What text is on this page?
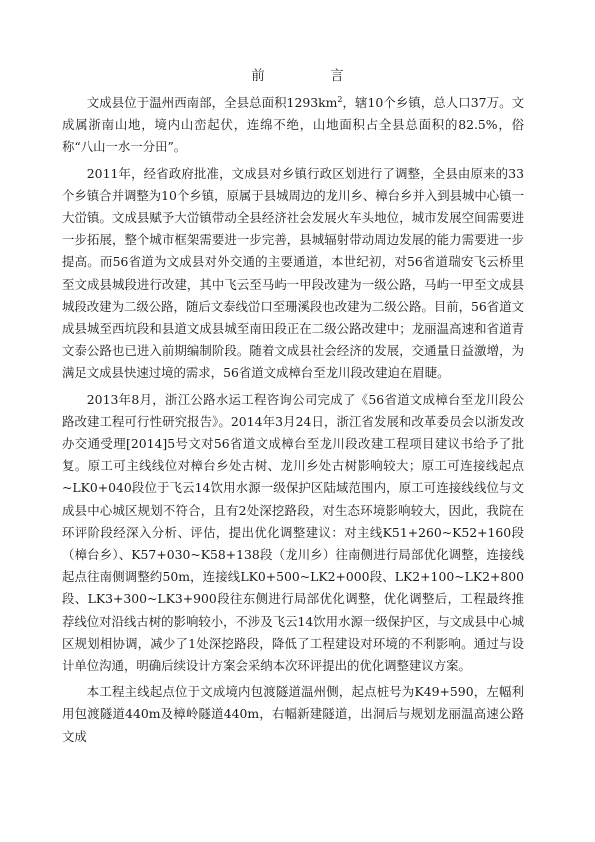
前　言

文成县位于温州西南部，全县总面积$1293km^2$，辖10个乡镇，总人口37万。文成属浙南山地，境内山峦起伏，连绵不绝，山地面积占全县总面积的82.5%，俗称“八山一水一分田”。

2011年，经省政府批准，文成县对乡镇行政区划进行了调整，全县由原来的33个乡镇合并调整为10个乡镇，原属于县城周边的龙川乡、樟台乡并入到县城中心镇一大峃镇。文成县赋予大峃镇带动全县经济社会发展火车头地位，城市发展空间需要进一步拓展，整个城市框架需要进一步完善，县城辐射带动周边发展的能力需要进一步提高。而56省道为文成县对外交通的主要通道，本世纪初，对56省道瑞安飞云桥里至文成县城段进行改建，其中飞云至马屿一甲段改建为一级公路，马屿一甲至文成县城段改建为二级公路，随后文泰线峃口至珊溪段也改建为二级公路。目前，56省道文成县城至西坑段和县道文成县城至南田段正在二级公路改建中；龙丽温高速和省道青文泰公路也已进入前期编制阶段。随着文成县社会经济的发展，交通量日益激增，为满足文成县快速过境的需求，56省道文成樟台至龙川段改建迫在眉睫。

2013年8月，浙江公路水运工程咨询公司完成了《56省道文成樟台至龙川段公路改建工程可行性研究报告》。2014年3月24日，浙江省发展和改革委员会以浙发改办交通受理[2014]5号文对56省道文成樟台至龙川段改建工程项目建议书给予了批复。原工可主线线位对樟台乡处古树、龙川乡处古树影响较大；原工可连接线起点~LK0+040段位于飞云14饮用水源一级保护区陆域范围内，原工可连接线线位与文成县中心城区规划不符合，且有2处深挖路段，对生态环境影响较大，因此，我院在环评阶段经深入分析、评估，提出优化调整建议：对主线K51+260~K52+160段（樟台乡）、K57+030~K58+138段（龙川乡）往南侧进行局部优化调整，连接线起点往南侧调整约50m，连接线LK0+500~LK2+000段、LK2+100~LK2+800段、LK3+300~LK3+900段往东侧进行局部优化调整，优化调整后，工程最终推荐线位对沿线古树的影响较小，不涉及飞云14饮用水源一级保护区，与文成县中心城区规划相协调，减少了1处深挖路段，降低了工程建设对环境的不利影响。通过与设计单位沟通，明确后续设计方案会采纳本次环评提出的优化调整建议方案。

本工程主线起点位于文成境内包渡隧道温州侧，起点桩号为K49+590，左幅利用包渡隧道440m及樟岭隧道440m，右幅新建隧道，出洞后与规划龙丽温高速公路文成
